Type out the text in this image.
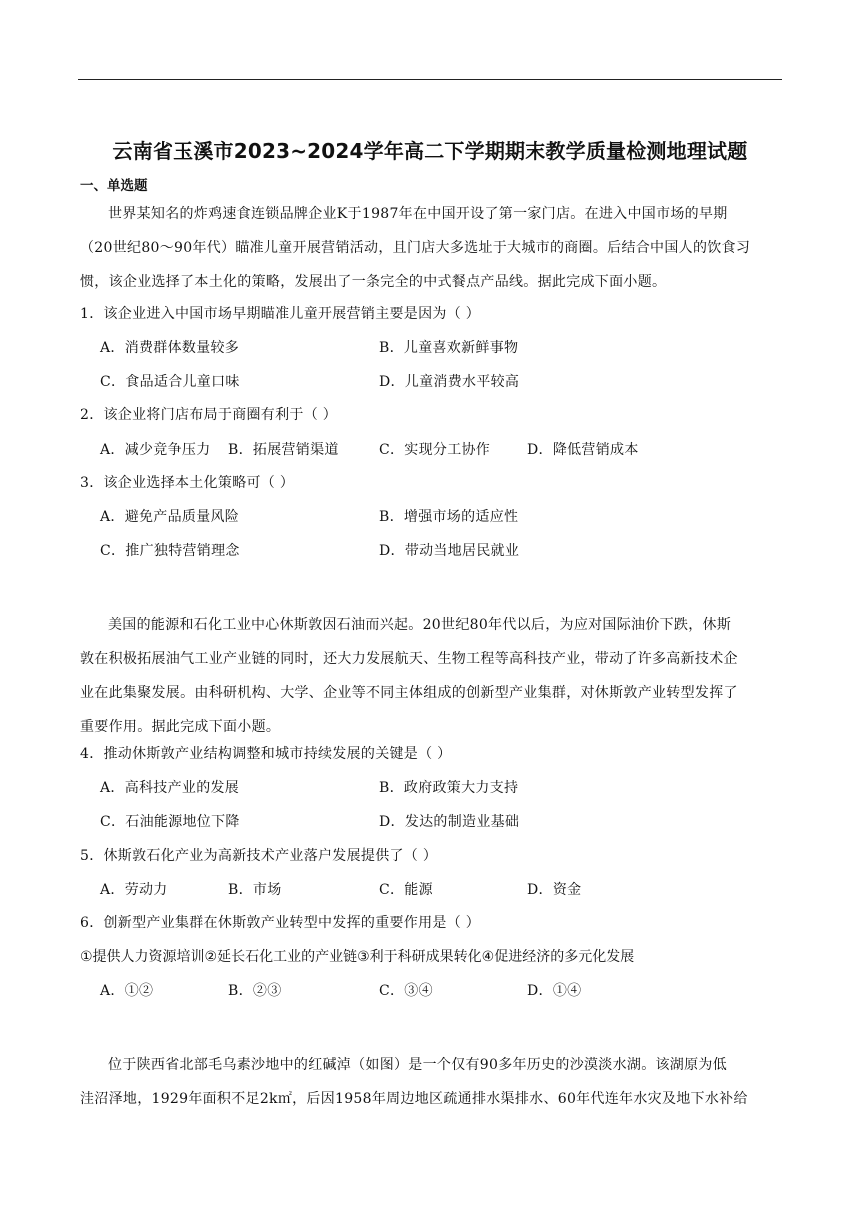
云南省玉溪市2023~2024学年高二下学期期末教学质量检测地理试题
一、单选题
世界某知名的炸鸡速食连锁品牌企业K于1987年在中国开设了第一家门店。在进入中国市场的早期
（20世纪80～90年代）瞄准儿童开展营销活动，且门店大多选址于大城市的商圈。后结合中国人的饮食习
惯，该企业选择了本土化的策略，发展出了一条完全的中式餐点产品线。据此完成下面小题。
1．该企业进入中国市场早期瞄准儿童开展营销主要是因为（ ）
A．消费群体数量较多	B．儿童喜欢新鲜事物
C．食品适合儿童口味	D．儿童消费水平较高
2．该企业将门店布局于商圈有利于（ ）
A．减少竞争压力 B．拓展营销渠道	C．实现分工协作	D．降低营销成本
3．该企业选择本土化策略可（ ）
A．避免产品质量风险	B．增强市场的适应性
C．推广独特营销理念	D．带动当地居民就业
美国的能源和石化工业中心休斯敦因石油而兴起。20世纪80年代以后，为应对国际油价下跌，休斯
敦在积极拓展油气工业产业链的同时，还大力发展航天、生物工程等高科技产业，带动了许多高新技术企
业在此集聚发展。由科研机构、大学、企业等不同主体组成的创新型产业集群，对休斯敦产业转型发挥了
重要作用。据此完成下面小题。
4．推动休斯敦产业结构调整和城市持续发展的关键是（ ）
A．高科技产业的发展	B．政府政策大力支持
C．石油能源地位下降	D．发达的制造业基础
5．休斯敦石化产业为高新技术产业落户发展提供了（ ）
A．劳动力	B．市场	C．能源	D．资金
6．创新型产业集群在休斯敦产业转型中发挥的重要作用是（ ）
①提供人力资源培训②延长石化工业的产业链③利于科研成果转化④促进经济的多元化发展
A．①②	B．②③	C．③④	D．①④
位于陕西省北部毛乌素沙地中的红碱淖（如图）是一个仅有90多年历史的沙漠淡水湖。该湖原为低
洼沼泽地，1929年面积不足2k㎡，后因1958年周边地区疏通排水渠排水、60年代连年水灾及地下水补给
